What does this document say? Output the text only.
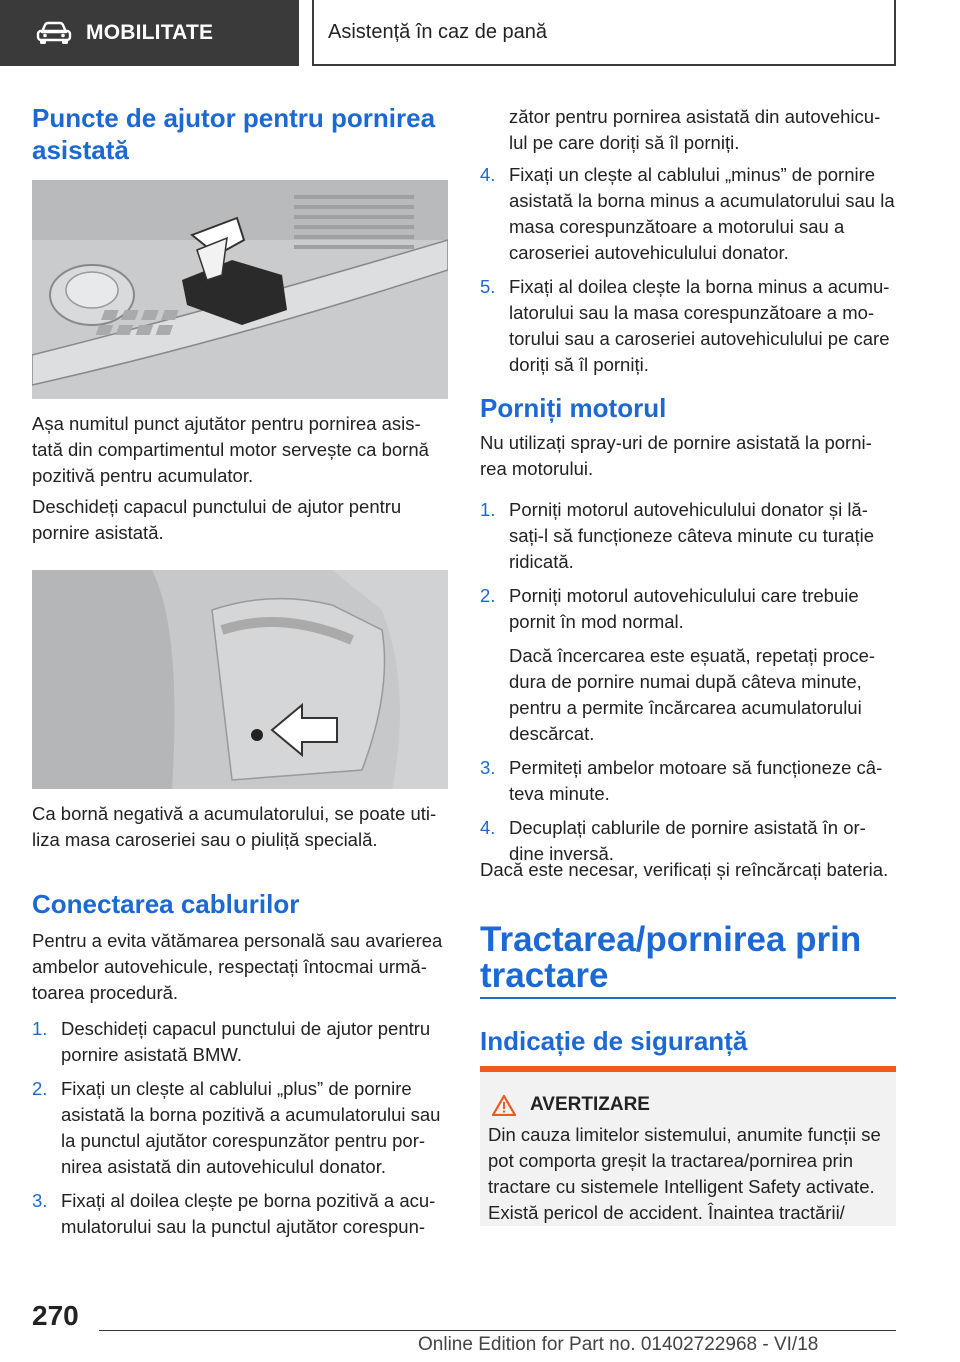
MOBILITATE	Asistență în caz de pană
Puncte de ajutor pentru pornirea asistată

Așa numitul punct ajutător pentru pornirea asis‐tată din compartimentul motor servește ca bornă pozitivă pentru acumulator.

Deschideți capacul punctului de ajutor pentru pornire asistată.

Ca bornă negativă a acumulatorului, se poate uti‐liza masa caroseriei sau o piuliță specială.

Conectarea cablurilor

Pentru a evita vătămarea personală sau avarierea ambelor autovehicule, respectați întocmai urmă‐toarea procedură.

1. Deschideți capacul punctului de ajutor pentru pornire asistată BMW.
2. Fixați un clește al cablului „plus” de pornire asistată la borna pozitivă a acumulatorului sau la punctul ajutător corespunzător pentru por‐nirea asistată din autovehiculul donator.
3. Fixați al doilea clește pe borna pozitivă a acu‐mulatorului sau la punctul ajutător corespun‐

zător pentru pornirea asistată din autovehicu‐lul pe care doriți să îl porniți.

4. Fixați un clește al cablului „minus” de pornire asistată la borna minus a acumulatorului sau la masa corespunzătoare a motorului sau a caroseriei autovehiculului donator.
5. Fixați al doilea clește la borna minus a acumu‐latorului sau la masa corespunzătoare a mo‐torului sau a caroseriei autovehiculului pe care doriți să îl porniți.
Porniți motorul

Nu utilizați spray-uri de pornire asistată la porni‐rea motorului.

1. Porniți motorul autovehiculului donator și lă‐sați-l să funcționeze câteva minute cu turație ridicată.
2. Porniți motorul autovehiculului care trebuie pornit în mod normal.
Dacă încercarea este eșuată, repetați proce‐dura de pornire numai după câteva minute, pentru a permite încărcarea acumulatorului descărcat.
3. Permiteți ambelor motoare să funcționeze câ‐teva minute.
4. Decuplați cablurile de pornire asistată în or‐dine inversă.

Dacă este necesar, verificați și reîncărcați bateria.

Tractarea/pornirea prin tractare
Indicație de siguranță
AVERTIZARE

Din cauza limitelor sistemului, anumite funcții se pot comporta greșit la tractarea/pornirea prin tractare cu sistemele Intelligent Safety activate. Există pericol de accident. Înaintea tractării/

270
Online Edition for Part no. 01402722968 - VI/18
